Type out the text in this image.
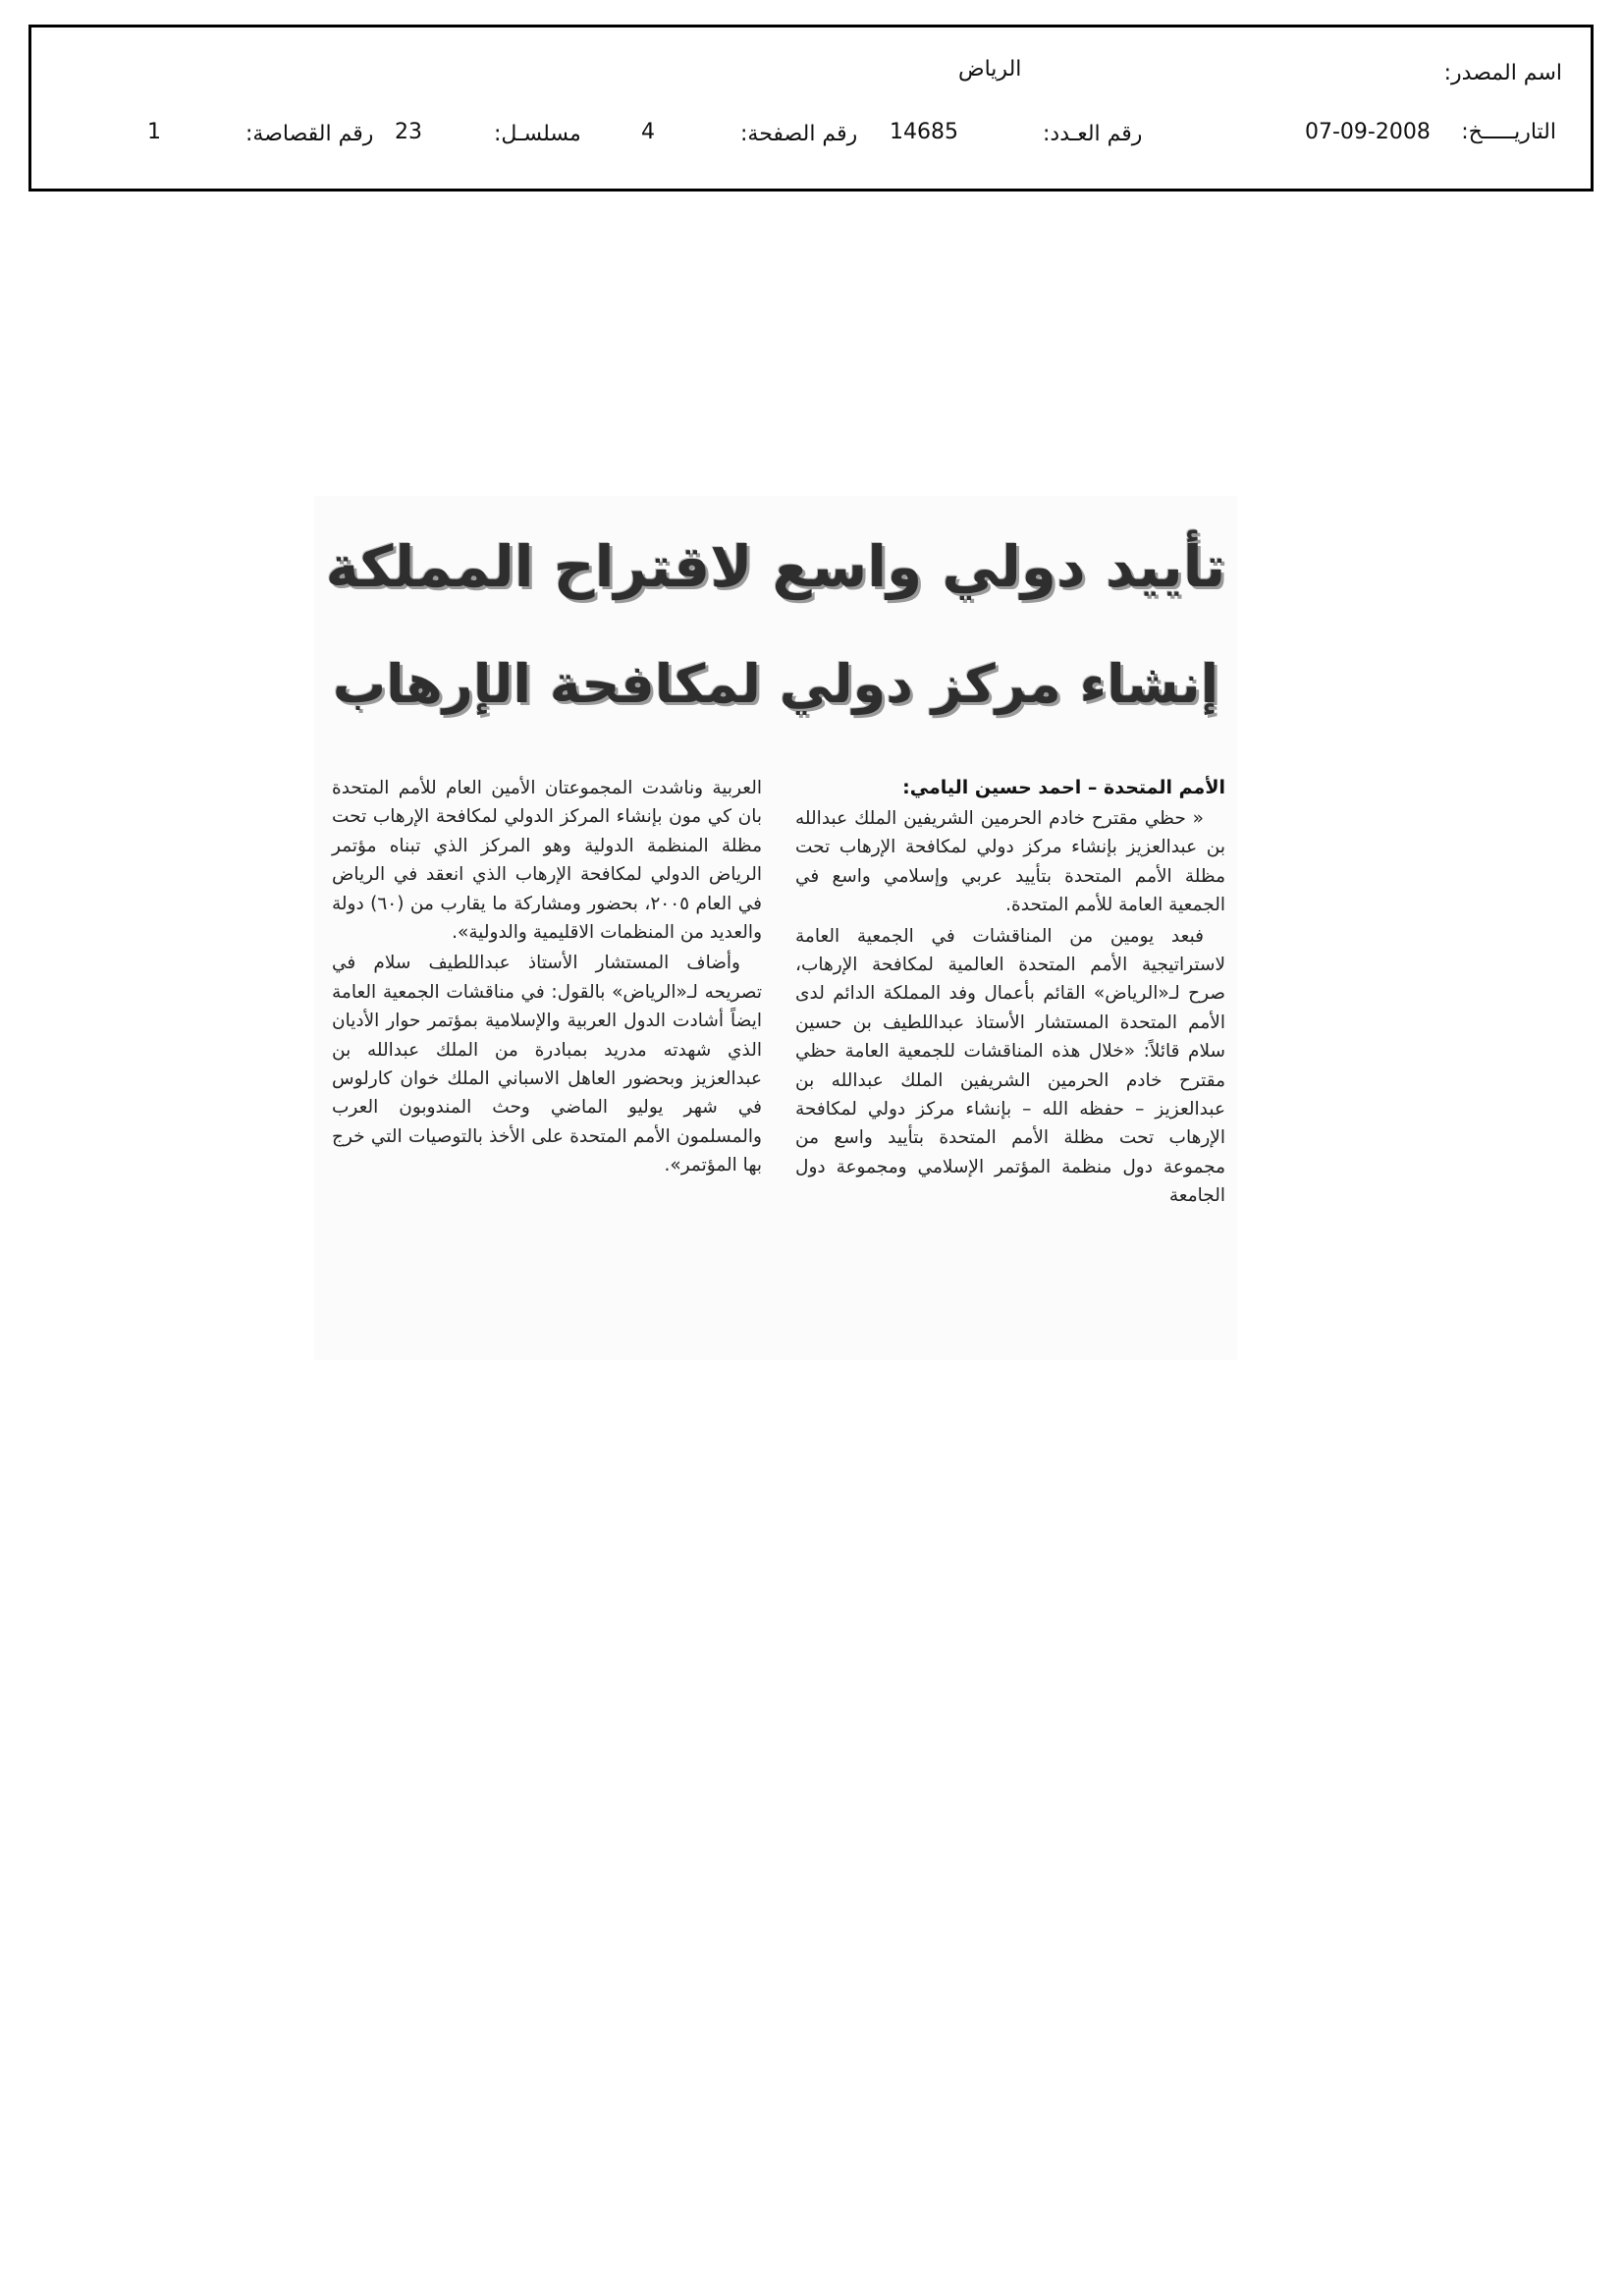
اسم المصدر:
الرياض
التاريـــــخ:
07-09-2008
رقم العـدد:
14685
رقم الصفحة:
4
مسلسـل:
23
رقم القصاصة:
1
تأييد دولي واسع لاقتراح المملكة
إنشاء مركز دولي لمكافحة الإرهاب
الأمم المتحدة – احمد حسين اليامي:

« حظي مقترح خادم الحرمين الشريفين الملك عبدالله بن عبدالعزيز بإنشاء مركز دولي لمكافحة الإرهاب تحت مظلة الأمم المتحدة بتأييد عربي وإسلامي واسع في الجمعية العامة للأمم المتحدة.

فبعد يومين من المناقشات في الجمعية العامة لاستراتيجية الأمم المتحدة العالمية لمكافحة الإرهاب، صرح لـ«الرياض» القائم بأعمال وفد المملكة الدائم لدى الأمم المتحدة المستشار الأستاذ عبداللطيف بن حسين سلام قائلاً: «خلال هذه المناقشات للجمعية العامة حظي مقترح خادم الحرمين الشريفين الملك عبدالله بن عبدالعزيز – حفظه الله – بإنشاء مركز دولي لمكافحة الإرهاب تحت مظلة الأمم المتحدة بتأييد واسع من مجموعة دول منظمة المؤتمر الإسلامي ومجموعة دول الجامعة

العربية وناشدت المجموعتان الأمين العام للأمم المتحدة بان كي مون بإنشاء المركز الدولي لمكافحة الإرهاب تحت مظلة المنظمة الدولية وهو المركز الذي تبناه مؤتمر الرياض الدولي لمكافحة الإرهاب الذي انعقد في الرياض في العام ٢٠٠٥، بحضور ومشاركة ما يقارب من (٦٠) دولة والعديد من المنظمات الاقليمية والدولية».

وأضاف المستشار الأستاذ عبداللطيف سلام في تصريحه لـ«الرياض» بالقول: في مناقشات الجمعية العامة ايضاً أشادت الدول العربية والإسلامية بمؤتمر حوار الأديان الذي شهدته مدريد بمبادرة من الملك عبدالله بن عبدالعزيز وبحضور العاهل الاسباني الملك خوان كارلوس في شهر يوليو الماضي وحث المندوبون العرب والمسلمون الأمم المتحدة على الأخذ بالتوصيات التي خرج بها المؤتمر».
